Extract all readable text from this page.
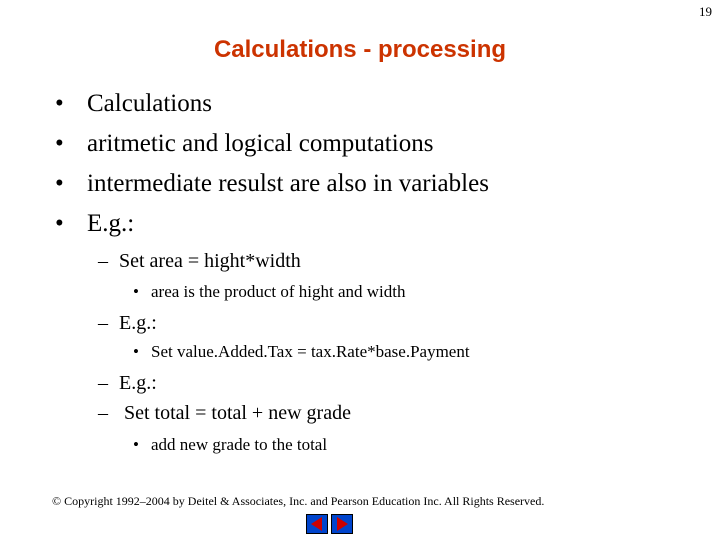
19
Calculations - processing
• Calculations
• aritmetic and logical computations
• intermediate resulst are also in variables
• E.g.:
– Set area = hight*width
• area is the product of hight and width
– E.g.:
• Set value.Added.Tax = tax.Rate*base.Payment
– E.g.:
– Set total = total + new grade
• add new grade to the total
© Copyright 1992–2004 by Deitel & Associates, Inc. and Pearson Education Inc. All Rights Reserved.
